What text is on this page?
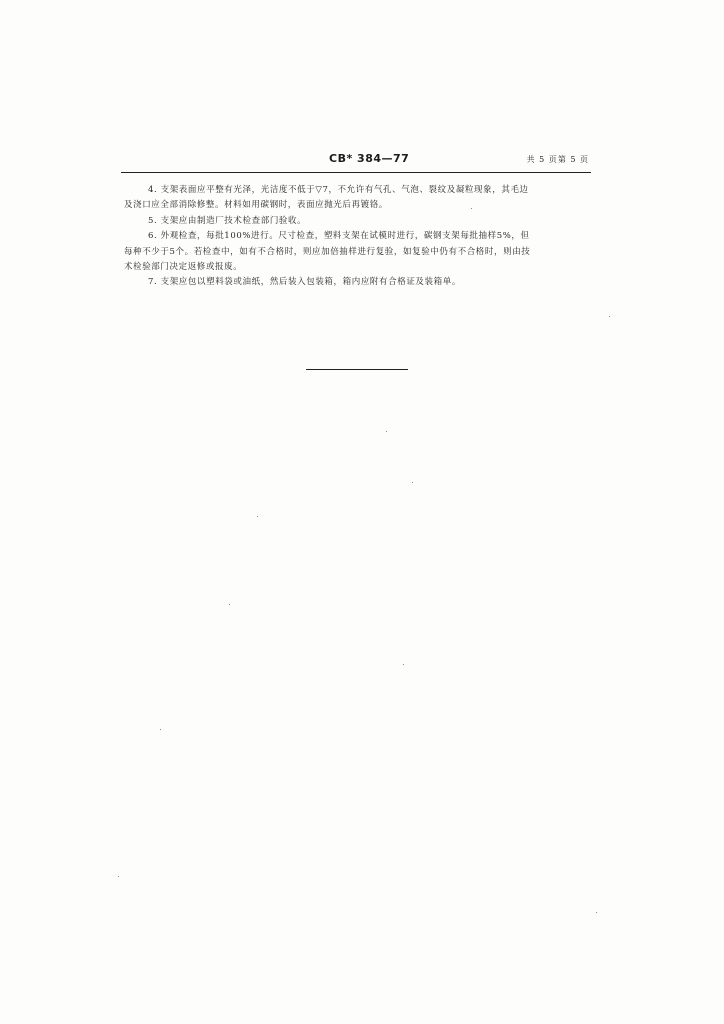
CB* 384—77	共 5 页第 5 页

4. 支架表面应平整有光泽，光洁度不低于▽7，不允许有气孔、气泡、裂纹及凝粒现象，其毛边

及浇口应全部消除修整。材料如用碳钢时，表面应抛光后再镀铬。

5. 支架应由制造厂技术检查部门验收。

6. 外观检查，每批100%进行。尺寸检查，塑料支架在试模时进行，碳钢支架每批抽样5%，但

每种不少于5个。若检查中，如有不合格时，则应加倍抽样进行复验，如复验中仍有不合格时，则由技

术检验部门决定返修或报废。

7. 支架应包以塑料袋或油纸，然后装入包装箱，箱内应附有合格证及装箱单。
